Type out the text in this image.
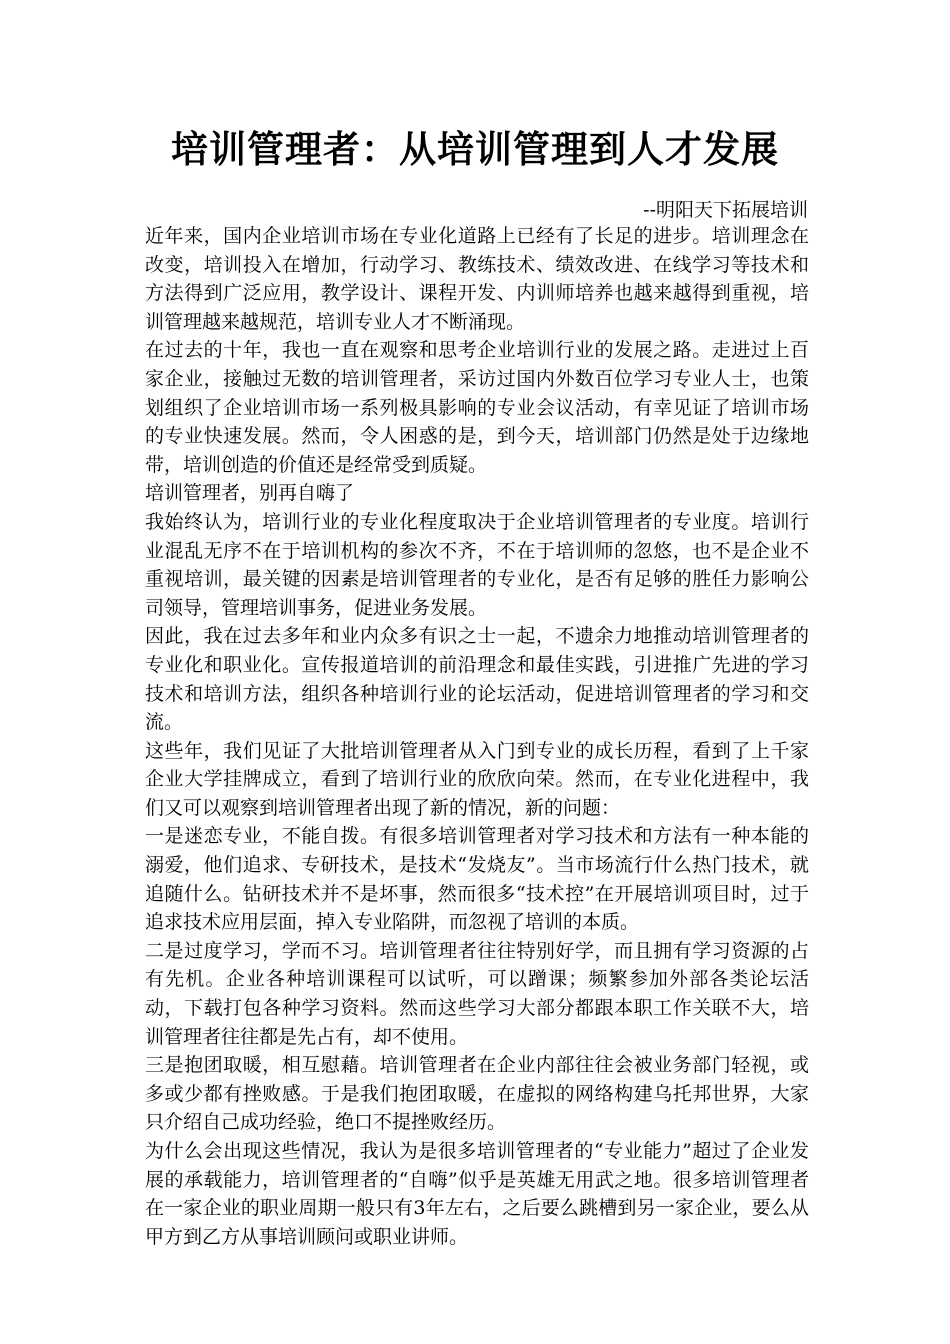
培训管理者：从培训管理到人才发展

--明阳天下拓展培训

近年来，国内企业培训市场在专业化道路上已经有了长足的进步。培训理念在改变，培训投入在增加，行动学习、教练技术、绩效改进、在线学习等技术和方法得到广泛应用，教学设计、课程开发、内训师培养也越来越得到重视，培训管理越来越规范，培训专业人才不断涌现。

在过去的十年，我也一直在观察和思考企业培训行业的发展之路。走进过上百家企业，接触过无数的培训管理者，采访过国内外数百位学习专业人士，也策划组织了企业培训市场一系列极具影响的专业会议活动，有幸见证了培训市场的专业快速发展。然而，令人困惑的是，到今天，培训部门仍然是处于边缘地带，培训创造的价值还是经常受到质疑。

培训管理者，别再自嗨了

我始终认为，培训行业的专业化程度取决于企业培训管理者的专业度。培训行业混乱无序不在于培训机构的参次不齐，不在于培训师的忽悠，也不是企业不重视培训，最关键的因素是培训管理者的专业化，是否有足够的胜任力影响公司领导，管理培训事务，促进业务发展。

因此，我在过去多年和业内众多有识之士一起，不遗余力地推动培训管理者的专业化和职业化。宣传报道培训的前沿理念和最佳实践，引进推广先进的学习技术和培训方法，组织各种培训行业的论坛活动，促进培训管理者的学习和交流。

这些年，我们见证了大批培训管理者从入门到专业的成长历程，看到了上千家企业大学挂牌成立，看到了培训行业的欣欣向荣。然而，在专业化进程中，我们又可以观察到培训管理者出现了新的情况，新的问题：

一是迷恋专业，不能自拨。有很多培训管理者对学习技术和方法有一种本能的溺爱，他们追求、专研技术，是技术“发烧友”。当市场流行什么热门技术，就追随什么。钻研技术并不是坏事，然而很多“技术控”在开展培训项目时，过于追求技术应用层面，掉入专业陷阱，而忽视了培训的本质。

二是过度学习，学而不习。培训管理者往往特别好学，而且拥有学习资源的占有先机。企业各种培训课程可以试听，可以蹭课；频繁参加外部各类论坛活动，下载打包各种学习资料。然而这些学习大部分都跟本职工作关联不大，培训管理者往往都是先占有，却不使用。

三是抱团取暖，相互慰藉。培训管理者在企业内部往往会被业务部门轻视，或多或少都有挫败感。于是我们抱团取暖，在虚拟的网络构建乌托邦世界，大家只介绍自己成功经验，绝口不提挫败经历。

为什么会出现这些情况，我认为是很多培训管理者的“专业能力”超过了企业发展的承载能力，培训管理者的“自嗨”似乎是英雄无用武之地。很多培训管理者在一家企业的职业周期一般只有3年左右，之后要么跳槽到另一家企业，要么从甲方到乙方从事培训顾问或职业讲师。
